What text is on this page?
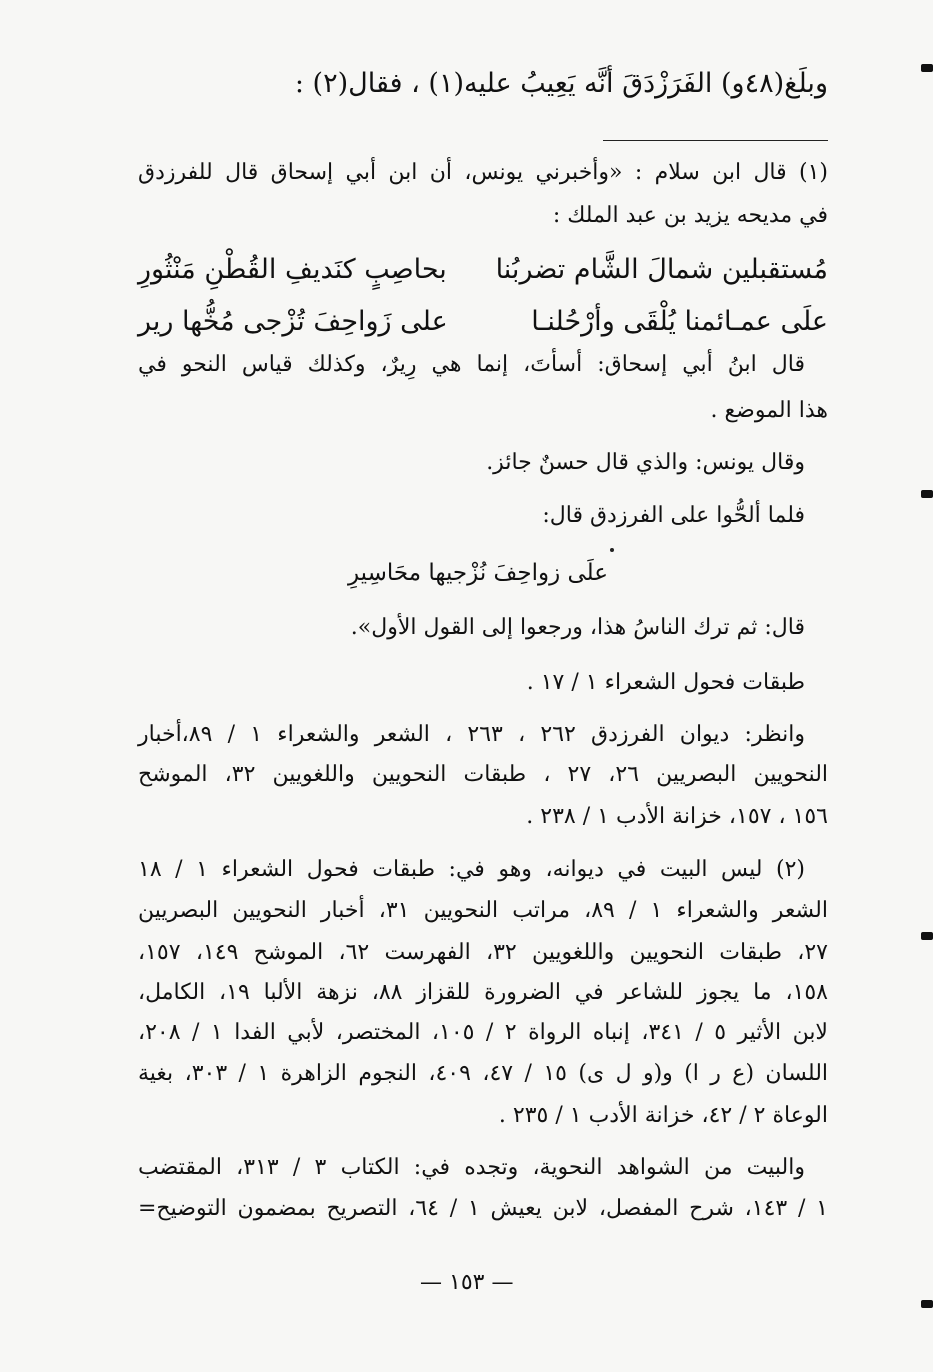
وبلَغ(٤٨و) الفَرَزْدَقَ أنَّه يَعِيبُ عليه(١) ، فقال(٢) :
(١) قال ابن سلام : «وأخبرني يونس، أن ابن أبي إسحاق قال للفرزدق
في مديحه يزيد بن عبد الملك :
مُستقبلين شمالَ الشَّام تضربُنا
بحاصِبٍ كنَديفِ القُطْنِ مَنْثُورِ
علَى عمـائمنا يُلْقَى وأرْحُلنـا
على زَواحِفَ تُزْجى مُخُّها رير
قال ابنُ أبي إسحاق: أسأتَ، إنما هي رِيرٌ، وكذلك قياس النحو في
هذا الموضع .
وقال يونس: والذي قال حسنٌ جائز.
فلما ألحُّوا على الفرزدق قال:
علَى زواحِفَ نُزْجيها محَاسِيرِ
قال: ثم ترك الناسُ هذا، ورجعوا إلى القول الأول».
طبقات فحول الشعراء ١ / ١٧ .
وانظر: ديوان الفرزدق ٢٦٢ ، ٢٦٣ ، الشعر والشعراء ١ / ٨٩،أخبار
النحويين البصريين ٢٦، ٢٧ ، طبقات النحويين واللغويين ٣٢، الموشح
١٥٦ ، ١٥٧، خزانة الأدب ١ / ٢٣٨ .
(٢) ليس البيت في ديوانه، وهو في: طبقات فحول الشعراء ١ / ١٨
الشعر والشعراء ١ / ٨٩، مراتب النحويين ٣١، أخبار النحويين البصريين
٢٧، طبقات النحويين واللغويين ٣٢، الفهرست ٦٢، الموشح ١٤٩، ١٥٧،
١٥٨، ما يجوز للشاعر في الضرورة للقزاز ٨٨، نزهة الألبا ١٩، الكامل،
لابن الأثير ٥ / ٣٤١، إنباه الرواة ٢ / ١٠٥، المختصر، لأبي الفدا ١ / ٢٠٨،
اللسان (ع ر ا) و(و ل ى) ١٥ / ٤٧، ٤٠٩، النجوم الزاهرة ١ / ٣٠٣، بغية
الوعاة ٢ / ٤٢، خزانة الأدب ١ / ٢٣٥ .
والبيت من الشواهد النحوية، وتجده في: الكتاب ٣ / ٣١٣، المقتضب
١ / ١٤٣، شرح المفصل، لابن يعيش ١ / ٦٤، التصريح بمضمون التوضيح=
— ١٥٣ —
